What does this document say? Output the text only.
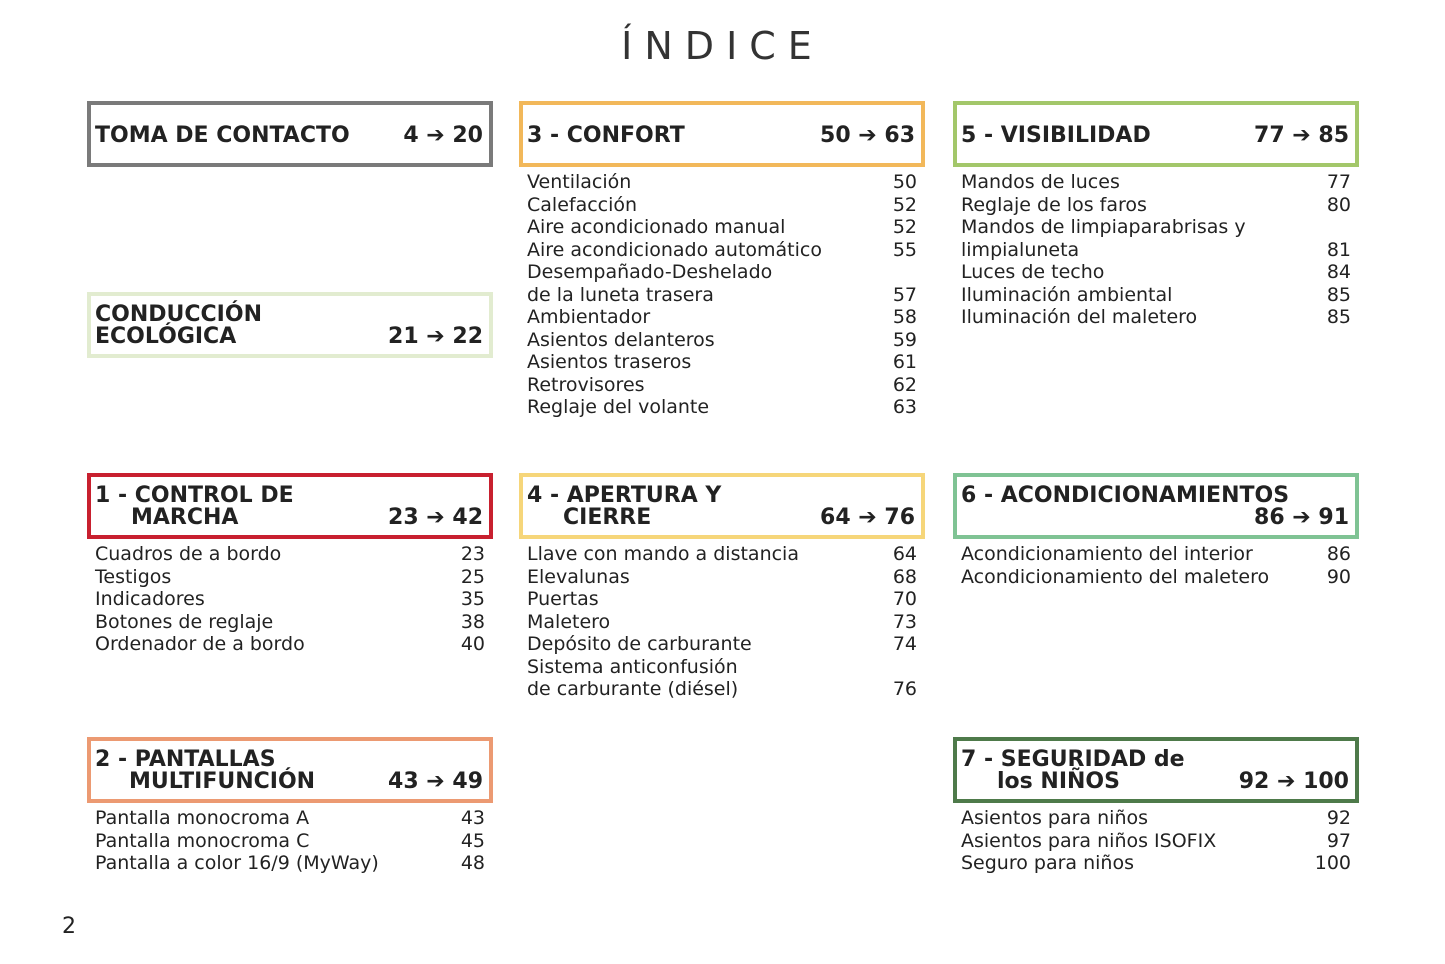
ÍNDICE
TOMA DE CONTACTO 4 ➔ 20
CONDUCCIÓN
ECOLÓGICA	21 ➔ 22
1 - CONTROL DE
MARCHA	23 ➔ 42
Cuadros de a bordo	23
Testigos	25
Indicadores	35
Botones de reglaje	38
Ordenador de a bordo	40
2 - PANTALLAS
MULTIFUNCIÓN	43 ➔ 49
Pantalla monocroma A	43
Pantalla monocroma C	45
Pantalla a color 16/9 (MyWay)	48
3 - CONFORT	50 ➔ 63
Ventilación	50
Calefacción	52
Aire acondicionado manual	52
Aire acondicionado automático	55
Desempañado-Deshelado
de la luneta trasera	57
Ambientador	58
Asientos delanteros	59
Asientos traseros	61
Retrovisores	62
Reglaje del volante	63
4 - APERTURA Y
CIERRE	64 ➔ 76
Llave con mando a distancia	64
Elevalunas	68
Puertas	70
Maletero	73
Depósito de carburante	74
Sistema anticonfusión
de carburante (diésel)	76
5 - VISIBILIDAD	77 ➔ 85
Mandos de luces	77
Reglaje de los faros	80
Mandos de limpiaparabrisas y
limpialuneta	81
Luces de techo	84
Iluminación ambiental	85
Iluminación del maletero	85
6 - ACONDICIONAMIENTOS
86 ➔ 91
Acondicionamiento del interior	86
Acondicionamiento del maletero	90
7 - SEGURIDAD de
los NIÑOS	92 ➔ 100
Asientos para niños	92
Asientos para niños ISOFIX	97
Seguro para niños	100
2
